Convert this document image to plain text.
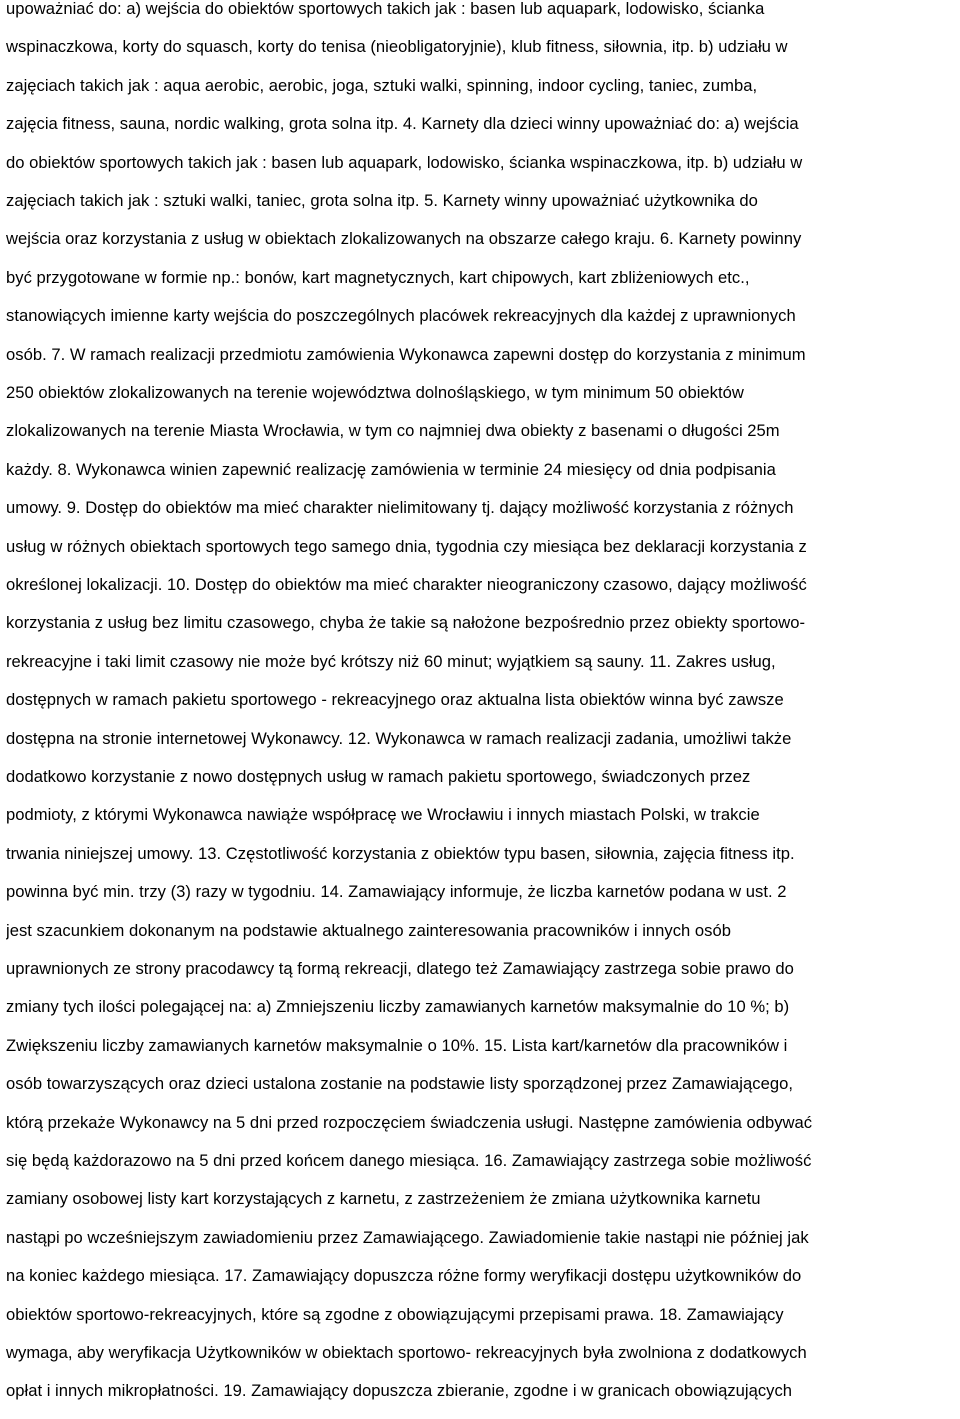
upoważniać do: a) wejścia do obiektów sportowych takich jak : basen lub aquapark, lodowisko, ścianka
wspinaczkowa, korty do squasch, korty do tenisa (nieobligatoryjnie), klub fitness, siłownia, itp. b) udziału w
zajęciach takich jak : aqua aerobic, aerobic, joga, sztuki walki, spinning, indoor cycling, taniec, zumba,
zajęcia fitness, sauna, nordic walking, grota solna itp. 4. Karnety dla dzieci winny upoważniać do: a) wejścia
do obiektów sportowych takich jak : basen lub aquapark, lodowisko, ścianka wspinaczkowa, itp. b) udziału w
zajęciach takich jak : sztuki walki, taniec, grota solna itp. 5. Karnety winny upoważniać użytkownika do
wejścia oraz korzystania z usług w obiektach zlokalizowanych na obszarze całego kraju. 6. Karnety powinny
być przygotowane w formie np.: bonów, kart magnetycznych, kart chipowych, kart zbliżeniowych etc.,
stanowiących imienne karty wejścia do poszczególnych placówek rekreacyjnych dla każdej z uprawnionych
osób. 7. W ramach realizacji przedmiotu zamówienia Wykonawca zapewni dostęp do korzystania z minimum
250 obiektów zlokalizowanych na terenie województwa dolnośląskiego, w tym minimum 50 obiektów
zlokalizowanych na terenie Miasta Wrocławia, w tym co najmniej dwa obiekty z basenami o długości 25m
każdy. 8. Wykonawca winien zapewnić realizację zamówienia w terminie 24 miesięcy od dnia podpisania
umowy. 9. Dostęp do obiektów ma mieć charakter nielimitowany tj. dający możliwość korzystania z różnych
usług w różnych obiektach sportowych tego samego dnia, tygodnia czy miesiąca bez deklaracji korzystania z
określonej lokalizacji. 10. Dostęp do obiektów ma mieć charakter nieograniczony czasowo, dający możliwość
korzystania z usług bez limitu czasowego, chyba że takie są nałożone bezpośrednio przez obiekty sportowo-
rekreacyjne i taki limit czasowy nie może być krótszy niż 60 minut; wyjątkiem są sauny. 11. Zakres usług,
dostępnych w ramach pakietu sportowego - rekreacyjnego oraz aktualna lista obiektów winna być zawsze
dostępna na stronie internetowej Wykonawcy. 12. Wykonawca w ramach realizacji zadania, umożliwi także
dodatkowo korzystanie z nowo dostępnych usług w ramach pakietu sportowego, świadczonych przez
podmioty, z którymi Wykonawca nawiąże współpracę we Wrocławiu i innych miastach Polski, w trakcie
trwania niniejszej umowy. 13. Częstotliwość korzystania z obiektów typu basen, siłownia, zajęcia fitness itp.
powinna być min. trzy (3) razy w tygodniu. 14. Zamawiający informuje, że liczba karnetów podana w ust. 2
jest szacunkiem dokonanym na podstawie aktualnego zainteresowania pracowników i innych osób
uprawnionych ze strony pracodawcy tą formą rekreacji, dlatego też Zamawiający zastrzega sobie prawo do
zmiany tych ilości polegającej na: a) Zmniejszeniu liczby zamawianych karnetów maksymalnie do 10 %; b)
Zwiększeniu liczby zamawianych karnetów maksymalnie o 10%. 15. Lista kart/karnetów dla pracowników i
osób towarzyszących oraz dzieci ustalona zostanie na podstawie listy sporządzonej przez Zamawiającego,
którą przekaże Wykonawcy na 5 dni przed rozpoczęciem świadczenia usługi. Następne zamówienia odbywać
się będą każdorazowo na 5 dni przed końcem danego miesiąca. 16. Zamawiający zastrzega sobie możliwość
zamiany osobowej listy kart korzystających z karnetu, z zastrzeżeniem że zmiana użytkownika karnetu
nastąpi po wcześniejszym zawiadomieniu przez Zamawiającego. Zawiadomienie takie nastąpi nie później jak
na koniec każdego miesiąca. 17. Zamawiający dopuszcza różne formy weryfikacji dostępu użytkowników do
obiektów sportowo-rekreacyjnych, które są zgodne z obowiązującymi przepisami prawa. 18. Zamawiający
wymaga, aby weryfikacja Użytkowników w obiektach sportowo- rekreacyjnych była zwolniona z dodatkowych
opłat i innych mikropłatności. 19. Zamawiający dopuszcza zbieranie, zgodne i w granicach obowiązujących
